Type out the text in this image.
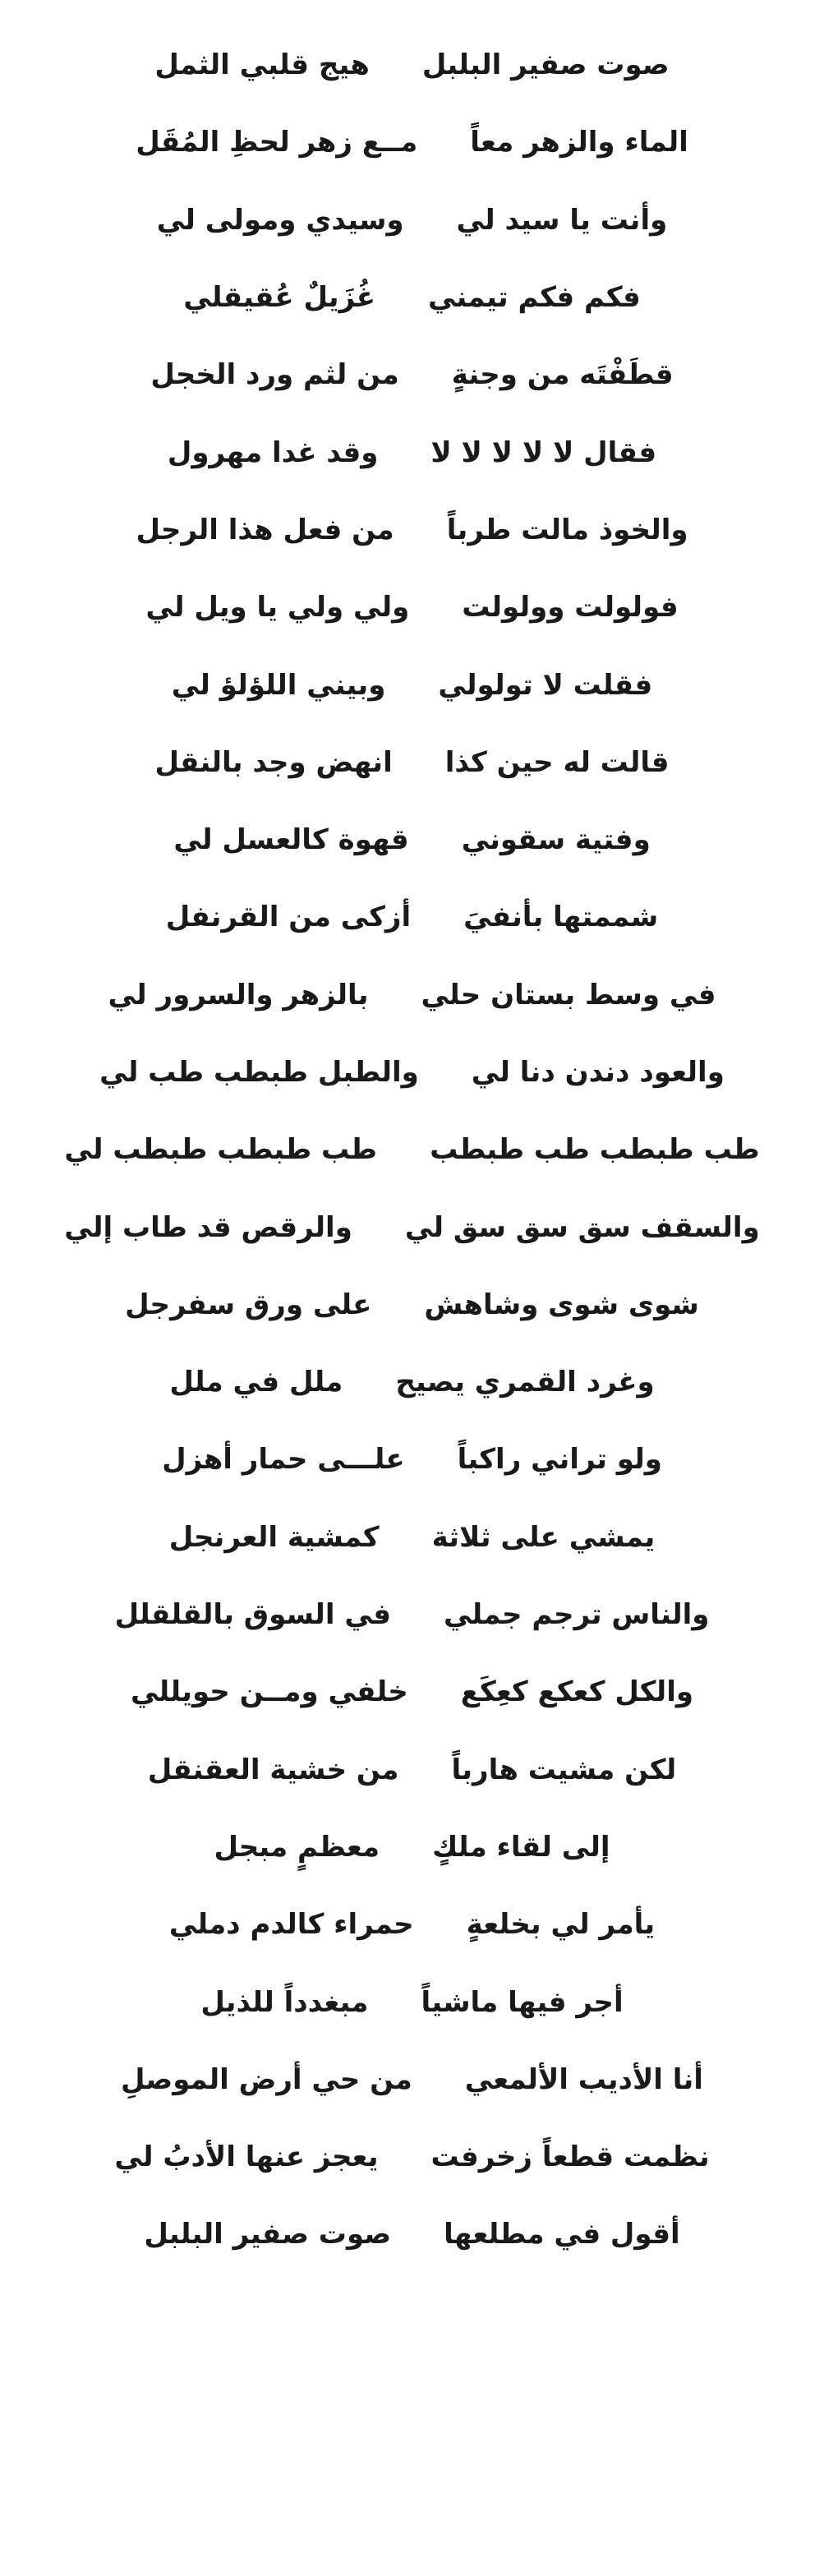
صوت صفير البلبل
هيج قلبي الثمل
الماء والزهر معاً
مــع زهر لحظِ المُقَل
وأنت يا سيد لي
وسيدي ومولى لي
فكم فكم تيمني
غُزَيلٌ عُقيقلي
قطَفْتَه من وجنةٍ
من لثم ورد الخجل
فقال لا لا لا لا لا
وقد غدا مهرول
والخوذ مالت طرباً
من فعل هذا الرجل
فولولت وولولت
ولي ولي يا ويل لي
فقلت لا تولولي
وبيني اللؤلؤ لي
قالت له حين كذا
انهض وجد بالنقل
وفتية سقوني
قهوة كالعسل لي
شممتها بأنفيَ
أزكى من القرنفل
في وسط بستان حلي
بالزهر والسرور لي
والعود دندن دنا لي
والطبل طبطب طب لي
طب طبطب طب طبطب
طب طبطب طبطب لي
والسقف سق سق سق لي
والرقص قد طاب إلي
شوى شوى وشاهش
على ورق سفرجل
وغرد القمري يصيح
ملل في ملل
ولو تراني راكباً
علـــى حمار أهزل
يمشي على ثلاثة
كمشية العرنجل
والناس ترجم جملي
في السوق بالقلقلل
والكل كعكع كعِكَع
خلفي ومــن حويللي
لكن مشيت هارباً
من خشية العقنقل
إلى لقاء ملكٍ
معظمٍ مبجل
يأمر لي بخلعةٍ
حمراء كالدم دملي
أجر فيها ماشياً
مبغدداً للذيل
أنا الأديب الألمعي
من حي أرض الموصلِ
نظمت قطعاً زخرفت
يعجز عنها الأدبُ لي
أقول في مطلعها
صوت صفير البلبل
